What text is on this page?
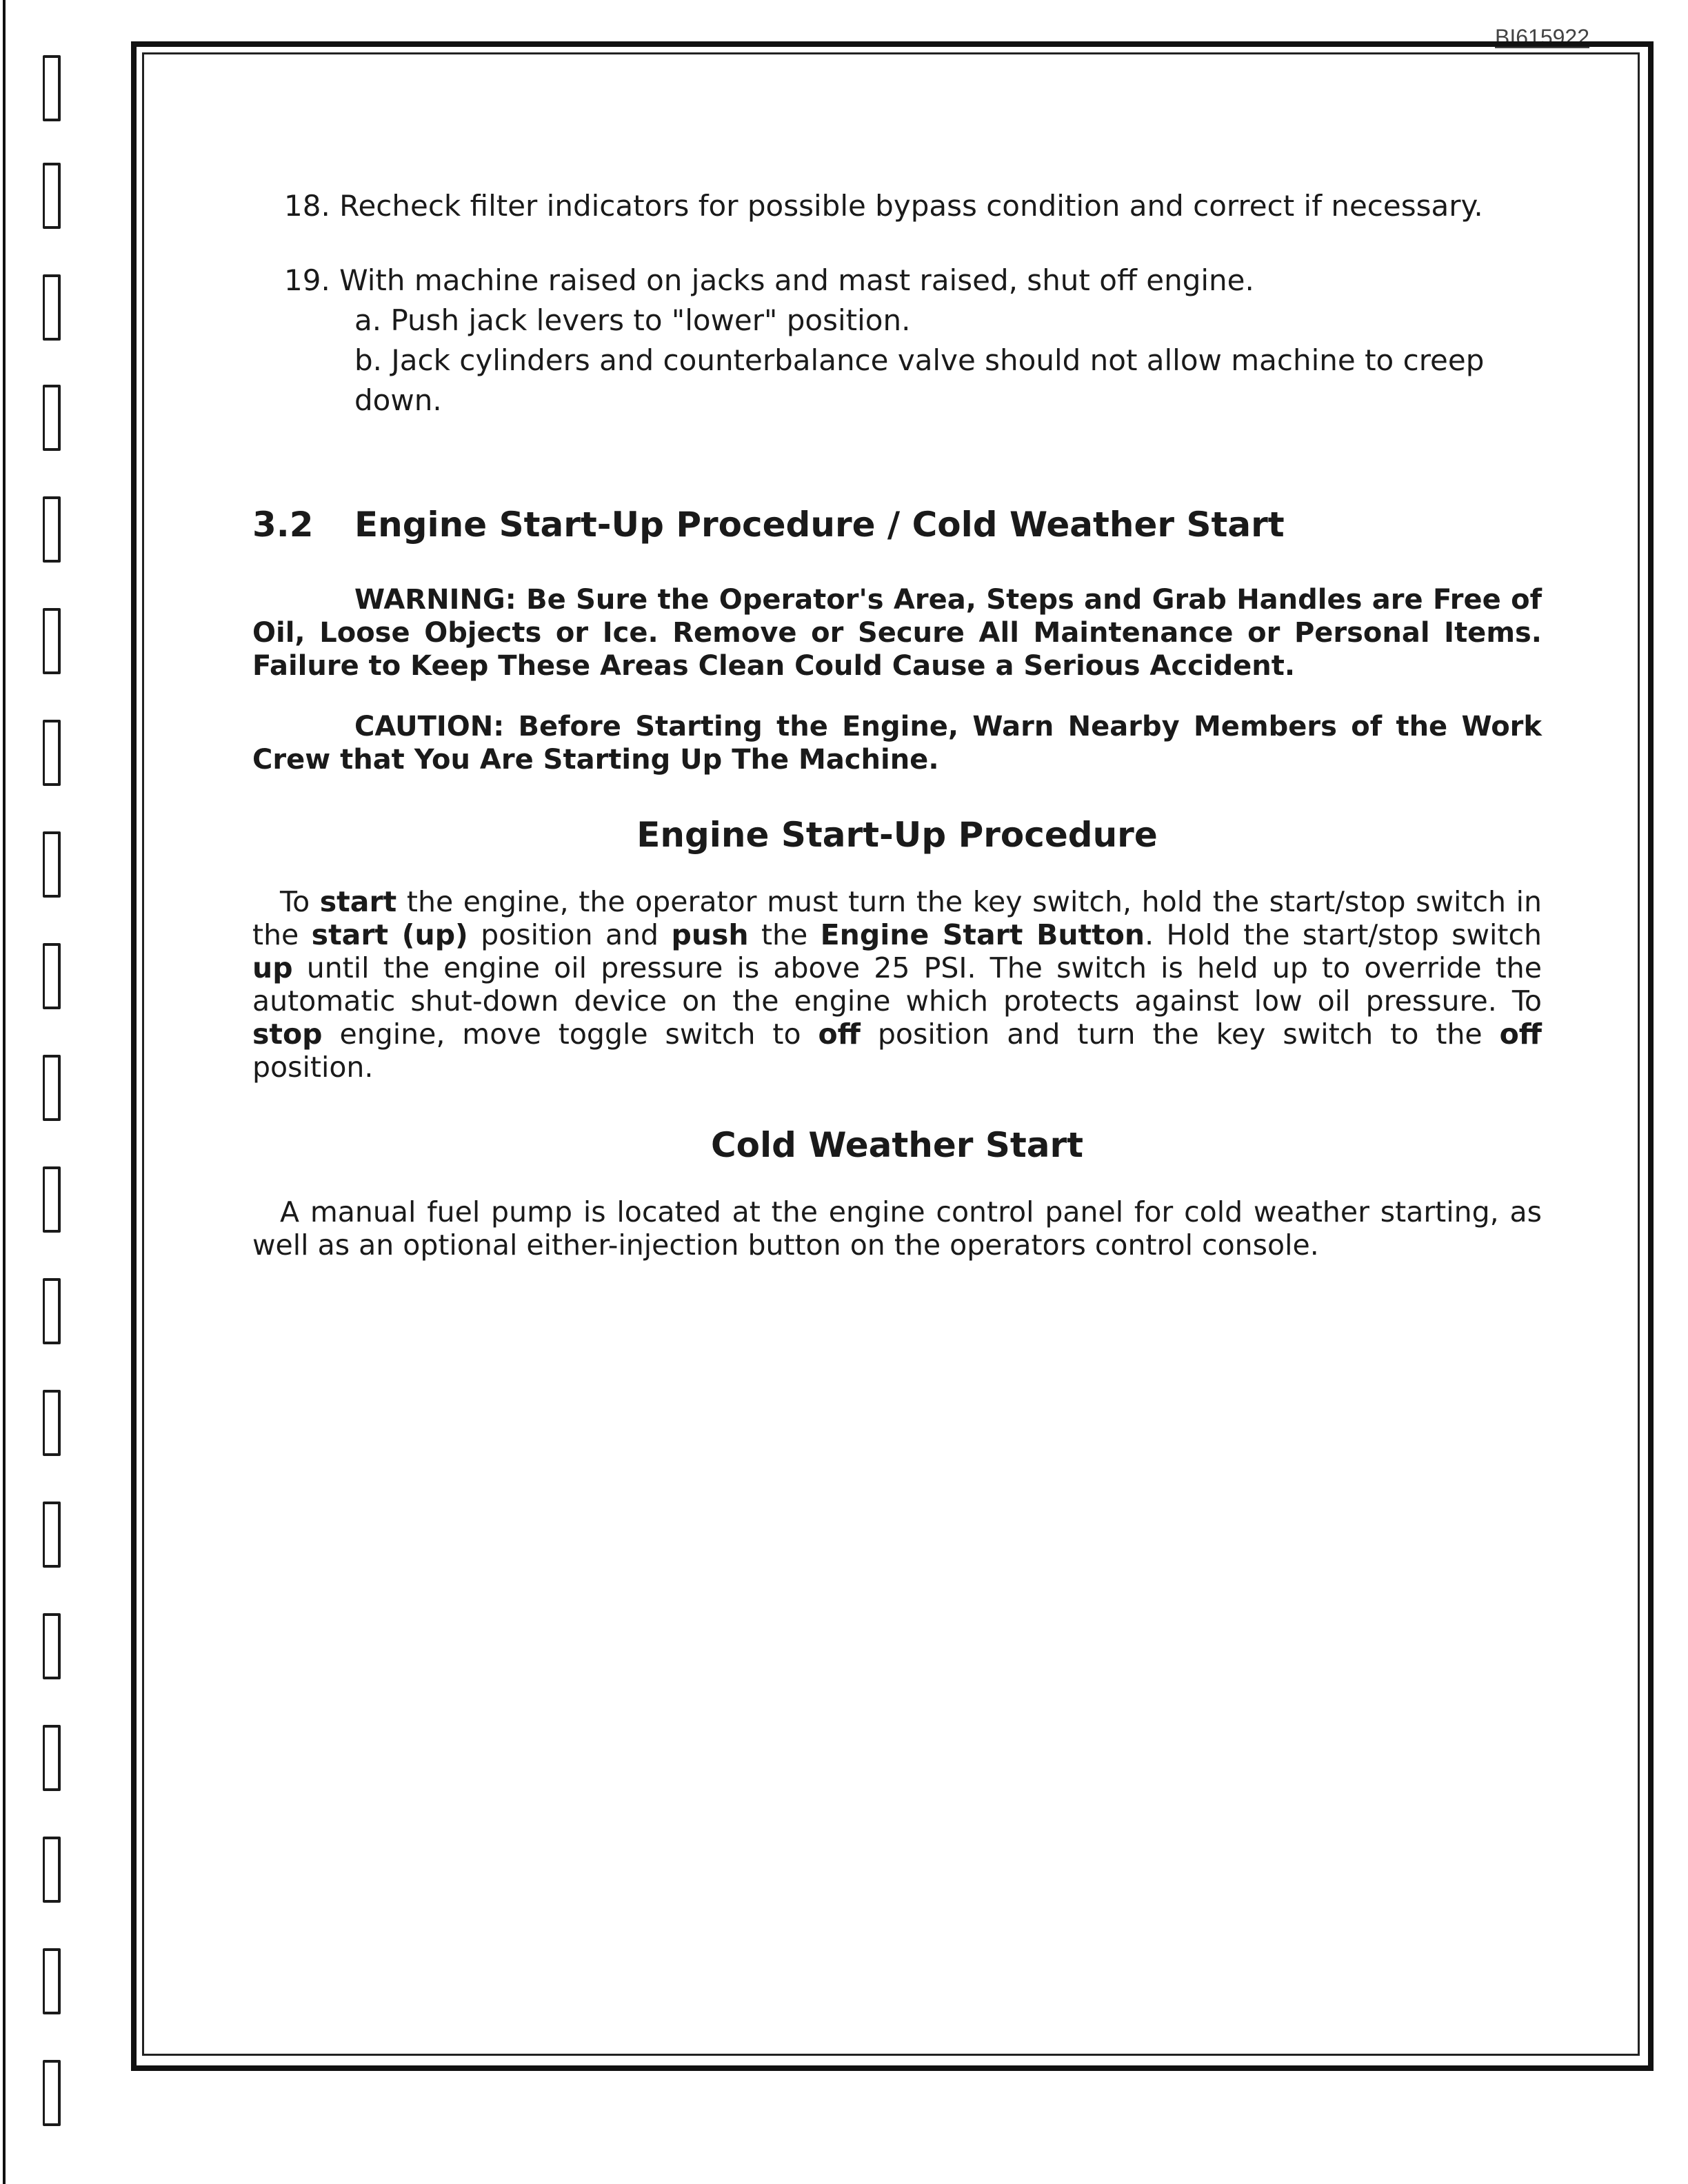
BI615922

18. Recheck filter indicators for possible bypass condition and correct if necessary.

19. With machine raised on jacks and mast raised, shut off engine.

a. Push jack levers to "lower" position.

b. Jack cylinders and counterbalance valve should not allow machine to creep down.

3.2 Engine Start-Up Procedure / Cold Weather Start

WARNING: Be Sure the Operator's Area, Steps and Grab Handles are Free of Oil, Loose Objects or Ice. Remove or Secure All Maintenance or Personal Items. Failure to Keep These Areas Clean Could Cause a Serious Accident.

CAUTION: Before Starting the Engine, Warn Nearby Members of the Work Crew that You Are Starting Up The Machine.

Engine Start-Up Procedure

To start the engine, the operator must turn the key switch, hold the start/stop switch in the start (up) position and push the Engine Start Button. Hold the start/stop switch up until the engine oil pressure is above 25 PSI. The switch is held up to override the automatic shut-down device on the engine which protects against low oil pressure. To stop engine, move toggle switch to off position and turn the key switch to the off position.

Cold Weather Start

A manual fuel pump is located at the engine control panel for cold weather starting, as well as an optional either-injection button on the operators control console.
